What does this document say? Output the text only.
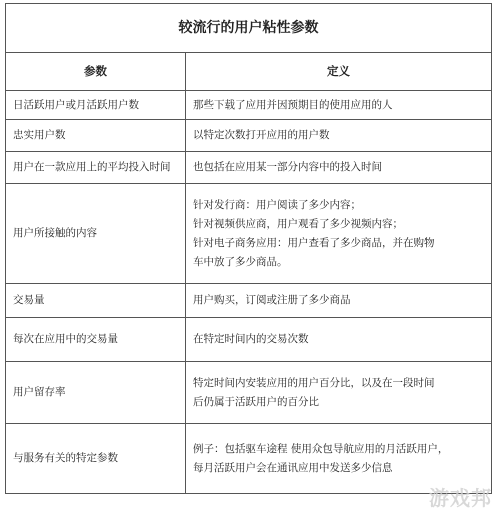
较流行的用户粘性参数	
参数	定义
日活跃用户或月活跃用户数	那些下载了应用并因预期目的使用应用的人

忠实用户数	以特定次数打开应用的用户数

用户在一款应用上的平均投入时间	也包括在应用某一部分内容中的投入时间

用户所接触的内容	针对发行商：用户阅读了多少内容；
针对视频供应商，用户观看了多少视频内容；
针对电子商务应用：用户查看了多少商品，并在购物
车中放了多少商品。

交易量	用户购买，订阅或注册了多少商品

每次在应用中的交易量	在特定时间内的交易次数

用户留存率	特定时间内安装应用的用户百分比，以及在一段时间
后仍属于活跃用户的百分比

与服务有关的特定参数	例子：包括驱车途程 使用众包导航应用的月活跃用户，
每月活跃用户会在通讯应用中发送多少信息
游戏邦
